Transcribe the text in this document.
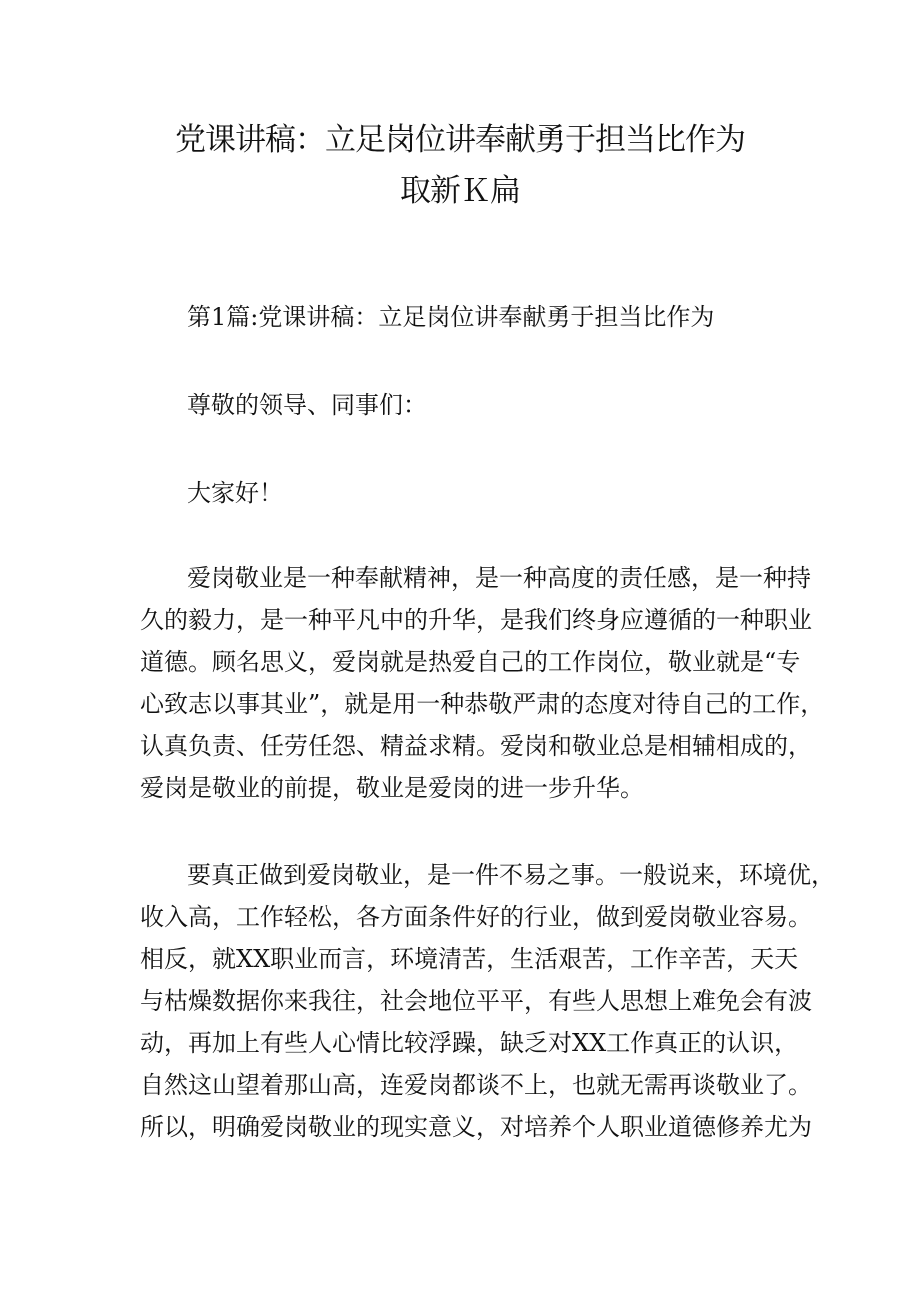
党课讲稿：立足岗位讲奉献勇于担当比作为
取新Ｋ扁

第1篇:党课讲稿：立足岗位讲奉献勇于担当比作为

尊敬的领导、同事们：

大家好！

爱岗敬业是一种奉献精神，是一种高度的责任感，是一种持

久的毅力，是一种平凡中的升华，是我们终身应遵循的一种职业

道德。顾名思义，爱岗就是热爱自己的工作岗位，敬业就是“专

心致志以事其业”，就是用一种恭敬严肃的态度对待自己的工作，

认真负责、任劳任怨、精益求精。爱岗和敬业总是相辅相成的，

爱岗是敬业的前提，敬业是爱岗的进一步升华。

要真正做到爱岗敬业，是一件不易之事。一般说来，环境优，

收入高，工作轻松，各方面条件好的行业，做到爱岗敬业容易。

相反，就XX职业而言，环境清苦，生活艰苦，工作辛苦，天天

与枯燥数据你来我往，社会地位平平，有些人思想上难免会有波

动，再加上有些人心情比较浮躁，缺乏对XX工作真正的认识，

自然这山望着那山高，连爱岗都谈不上，也就无需再谈敬业了。

所以，明确爱岗敬业的现实意义，对培养个人职业道德修养尤为
